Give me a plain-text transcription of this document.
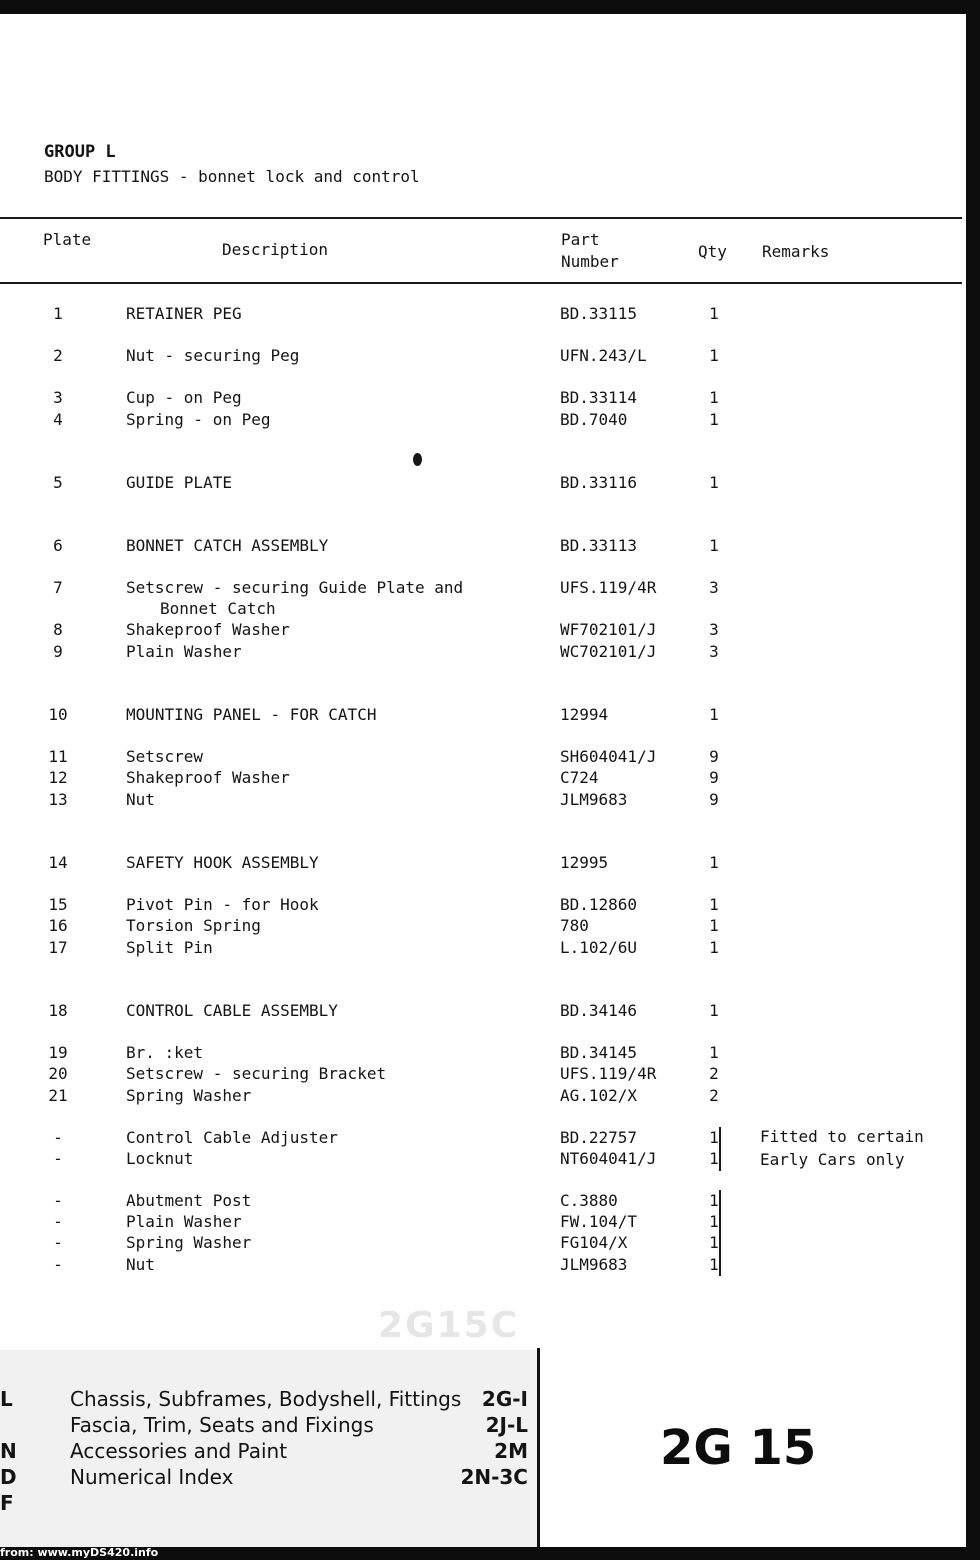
GROUP L
BODY FITTINGS - bonnet lock and control
Plate
Description
Part
Number
Qty Remarks
1	RETAINER PEG	BD.33115	1
2	Nut - securing Peg	UFN.243/L	1
3	Cup - on Peg	BD.33114	1
4	Spring - on Peg	BD.7040	1
5	GUIDE PLATE	BD.33116	1
6	BONNET CATCH ASSEMBLY	BD.33113	1
7	Setscrew - securing Guide Plate and	UFS.119/4R	3
Bonnet Catch
8	Shakeproof Washer	WF702101/J	3
9	Plain Washer	WC702101/J	3
10	MOUNTING PANEL - FOR CATCH	12994	1
11	Setscrew	SH604041/J	9
12	Shakeproof Washer	C724	9
13	Nut	JLM9683	9
14	SAFETY HOOK ASSEMBLY	12995	1
15	Pivot Pin - for Hook	BD.12860	1
16	Torsion Spring	780	1
17	Split Pin	L.102/6U	1
18	CONTROL CABLE ASSEMBLY	BD.34146	1
19	Br. :ket	BD.34145	1
20	Setscrew - securing Bracket	UFS.119/4R	2
21	Spring Washer	AG.102/X	2
-	Control Cable Adjuster	BD.22757	1
-	Locknut	NT604041/J	1
Fitted to certain
Early Cars only
-	Abutment Post	C.3880	1
-	Plain Washer	FW.104/T	1
-	Spring Washer	FG104/X	1
-	Nut	JLM9683	1
2G15C
L	Chassis, Subframes, Bodyshell, Fittings 2G-I
Fascia, Trim, Seats and Fixings	2J-L
N	Accessories and Paint	2M
D	Numerical Index	2N-3C
F
2G 15
from: www.myDS420.info
